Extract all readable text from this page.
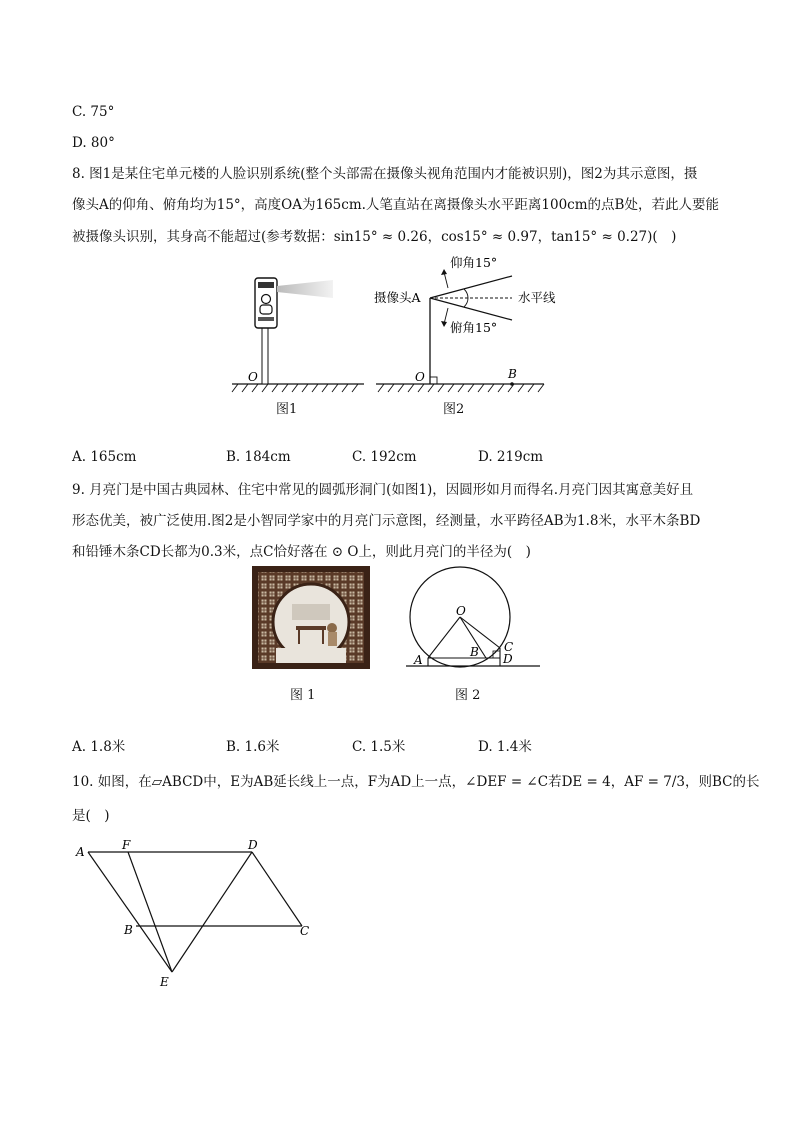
C. 75°
D. 80°
8. 图1是某住宅单元楼的人脸识别系统(整个头部需在摄像头视角范围内才能被识别)，图2为其示意图，摄
像头A的仰角、俯角均为15°，高度OA为165cm.人笔直站在离摄像头水平距离100cm的点B处，若此人要能
被摄像头识别，其身高不能超过(参考数据：sin15° ≈ 0.26，cos15° ≈ 0.97，tan15° ≈ 0.27)(　)
O
图1
仰角15°
摄像头A	水平线
俯角15°
O	B
图2
A. 165cm	B. 184cm	C. 192cm	D. 219cm
9. 月亮门是中国古典园林、住宅中常见的圆弧形洞门(如图1)，因圆形如月而得名.月亮门因其寓意美好且
形态优美，被广泛使用.图2是小智同学家中的月亮门示意图，经测量，水平跨径AB为1.8米，水平木条BD
和铅锤木条CD长都为0.3米，点C恰好落在 ⊙ O上，则此月亮门的半径为(　)
图 1
O
A
B C
D
图 2
A. 1.8米	B. 1.6米	C. 1.5米	D. 1.4米
10. 如图，在▱ABCD中，E为AB延长线上一点，F为AD上一点，∠DEF = ∠C若DE = 4，AF = 7/3，则BC的长
是(　)
A	F	D
B	C
E
